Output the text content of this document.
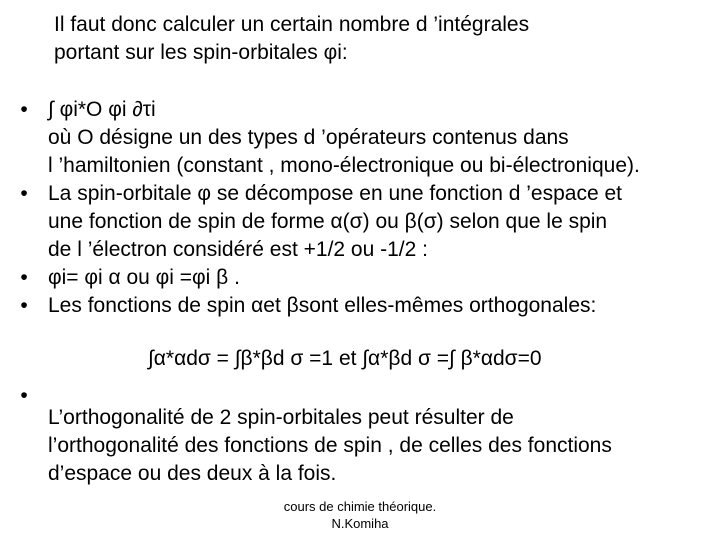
Il faut donc calculer un certain nombre d ’intégrales
portant sur les spin-orbitales φi:
• ∫ φi*O φi ∂τi
où O désigne un des types d ’opérateurs contenus dans
l ’hamiltonien (constant , mono-électronique ou bi-électronique).
• La spin-orbitale φ se décompose en une fonction d ’espace et
une fonction de spin de forme α(σ) ou β(σ) selon que le spin
de l ’électron considéré est +1/2 ou -1/2 :
• φi= φi α ou φi =φi β .
• Les fonctions de spin αet βsont elles-mêmes orthogonales:
∫α*αdσ = ∫β*βd σ =1 et ∫α*βd σ =∫ β*αdσ=0
•
L’orthogonalité de 2 spin-orbitales peut résulter de
l’orthogonalité des fonctions de spin , de celles des fonctions
d’espace ou des deux à la fois.
cours de chimie théorique.
N.Komiha
